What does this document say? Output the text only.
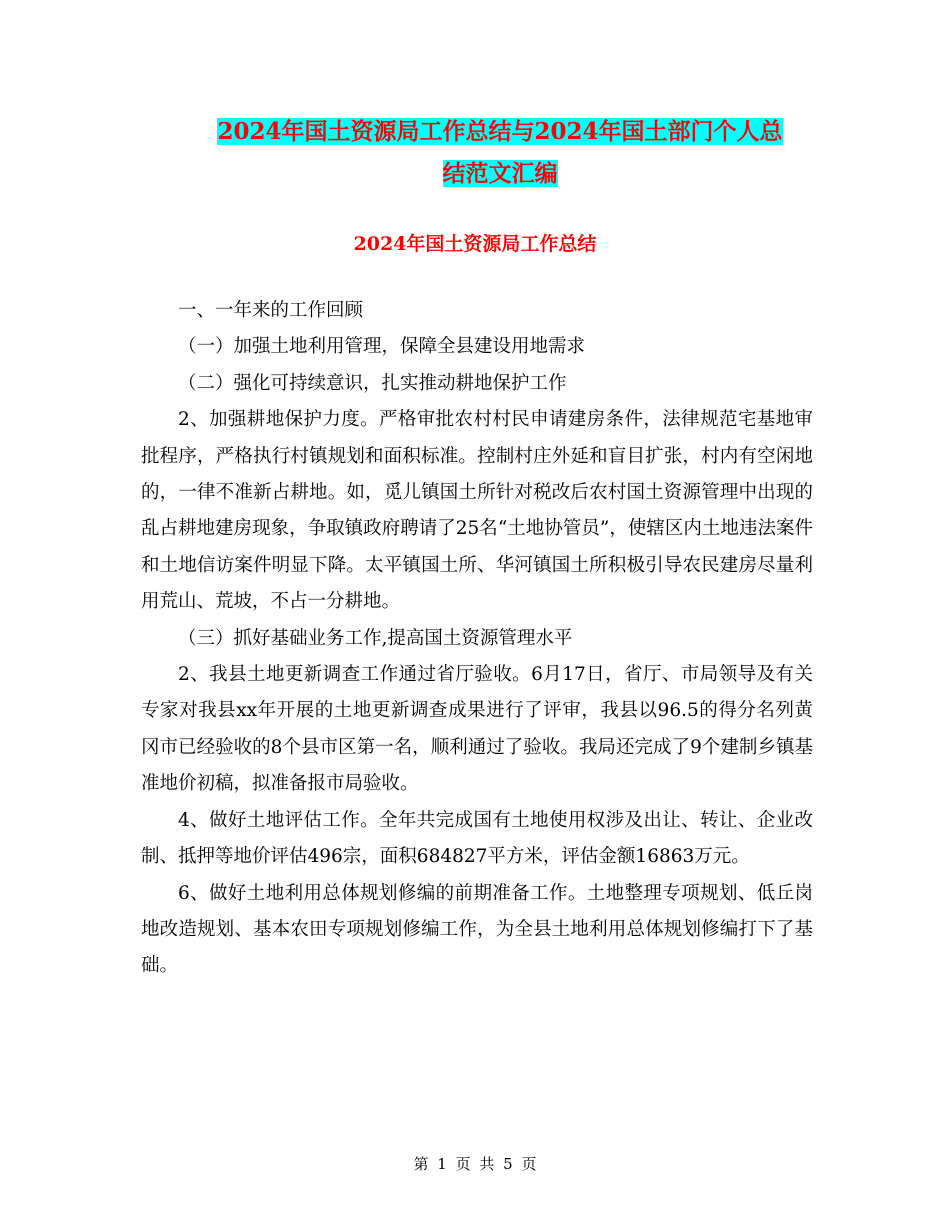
2024年国土资源局工作总结与2024年国土部门个人总
结范文汇编
2024年国土资源局工作总结

一、一年来的工作回顾

（一）加强土地利用管理，保障全县建设用地需求

（二）强化可持续意识，扎实推动耕地保护工作

2、加强耕地保护力度。严格审批农村村民申请建房条件，法律规范宅基地审批程序，严格执行村镇规划和面积标准。控制村庄外延和盲目扩张，村内有空闲地的，一律不准新占耕地。如，觅儿镇国土所针对税改后农村国土资源管理中出现的乱占耕地建房现象，争取镇政府聘请了25名“土地协管员”，使辖区内土地违法案件和土地信访案件明显下降。太平镇国土所、华河镇国土所积极引导农民建房尽量利用荒山、荒坡，不占一分耕地。

（三）抓好基础业务工作,提高国土资源管理水平

2、我县土地更新调查工作通过省厅验收。6月17日，省厅、市局领导及有关专家对我县xx年开展的土地更新调查成果进行了评审，我县以96.5的得分名列黄冈市已经验收的8个县市区第一名，顺利通过了验收。我局还完成了9个建制乡镇基准地价初稿，拟准备报市局验收。

4、做好土地评估工作。全年共完成国有土地使用权涉及出让、转让、企业改制、抵押等地价评估496宗，面积684827平方米，评估金额16863万元。

6、做好土地利用总体规划修编的前期准备工作。土地整理专项规划、低丘岗地改造规划、基本农田专项规划修编工作，为全县土地利用总体规划修编打下了基础。

第 1 页 共 5 页
